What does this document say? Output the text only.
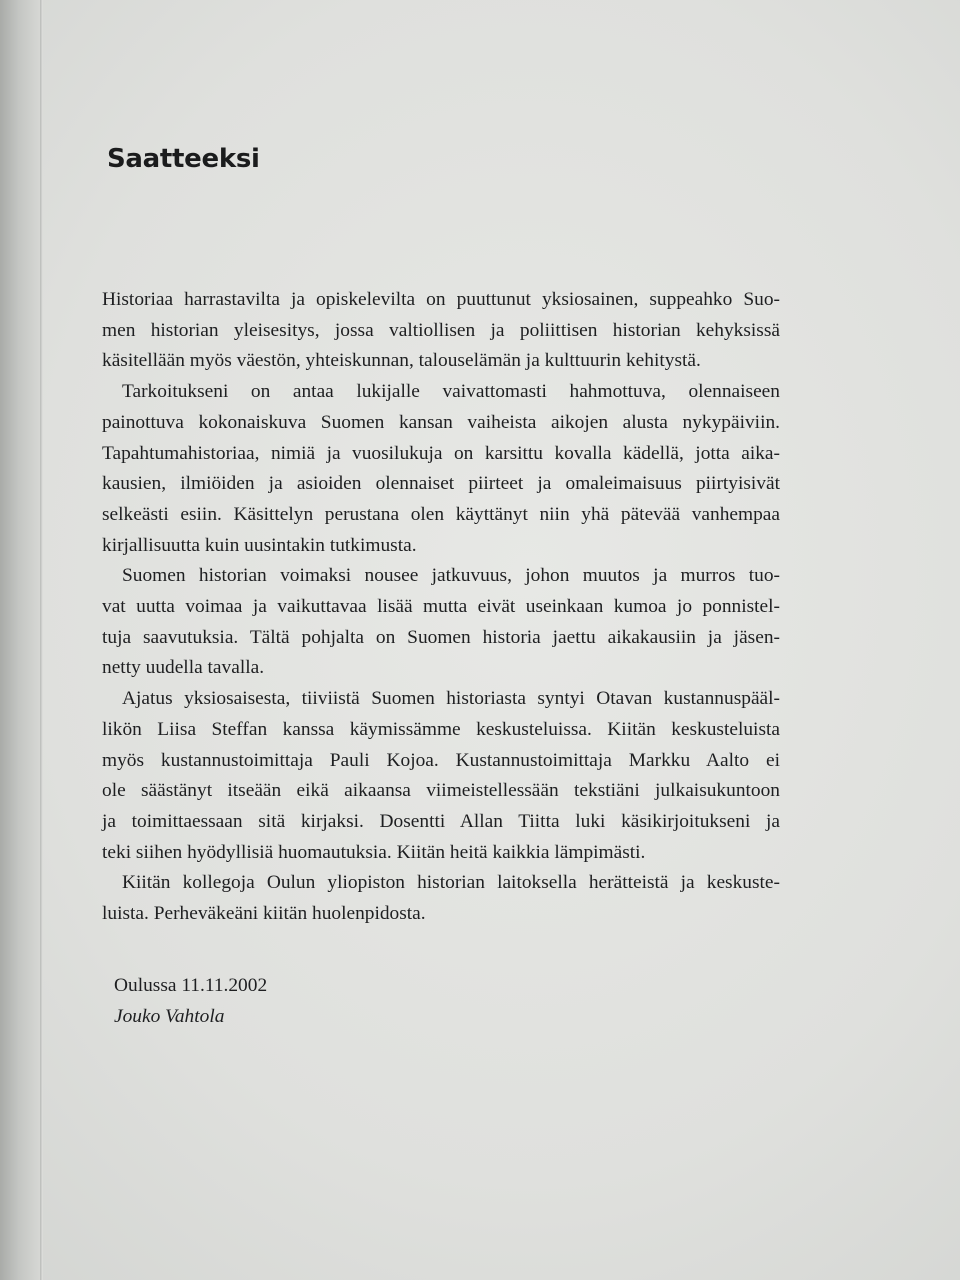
Saatteeksi

Historiaa harrastavilta ja opiskelevilta on puuttunut yksiosainen, suppeahko Suo-
men historian yleisesitys, jossa valtiollisen ja poliittisen historian kehyksissä
käsitellään myös väestön, yhteiskunnan, talouselämän ja kulttuurin kehitystä.

Tarkoitukseni on antaa lukijalle vaivattomasti hahmottuva, olennaiseen
painottuva kokonaiskuva Suomen kansan vaiheista aikojen alusta nykypäiviin.
Tapahtumahistoriaa, nimiä ja vuosilukuja on karsittu kovalla kädellä, jotta aika-
kausien, ilmiöiden ja asioiden olennaiset piirteet ja omaleimaisuus piirtyisivät
selkeästi esiin. Käsittelyn perustana olen käyttänyt niin yhä pätevää vanhempaa
kirjallisuutta kuin uusintakin tutkimusta.

Suomen historian voimaksi nousee jatkuvuus, johon muutos ja murros tuo-
vat uutta voimaa ja vaikuttavaa lisää mutta eivät useinkaan kumoa jo ponnistel-
tuja saavutuksia. Tältä pohjalta on Suomen historia jaettu aikakausiin ja jäsen-
netty uudella tavalla.

Ajatus yksiosaisesta, tiiviistä Suomen historiasta syntyi Otavan kustannuspääl-
likön Liisa Steffan kanssa käymissämme keskusteluissa. Kiitän keskusteluista
myös kustannustoimittaja Pauli Kojoa. Kustannustoimittaja Markku Aalto ei
ole säästänyt itseään eikä aikaansa viimeistellessään tekstiäni julkaisukuntoon
ja toimittaessaan sitä kirjaksi. Dosentti Allan Tiitta luki käsikirjoitukseni ja
teki siihen hyödyllisiä huomautuksia. Kiitän heitä kaikkia lämpimästi.

Kiitän kollegoja Oulun yliopiston historian laitoksella herätteistä ja keskuste-
luista. Perheväkeäni kiitän huolenpidosta.

Oulussa 11.11.2002
Jouko Vahtola
